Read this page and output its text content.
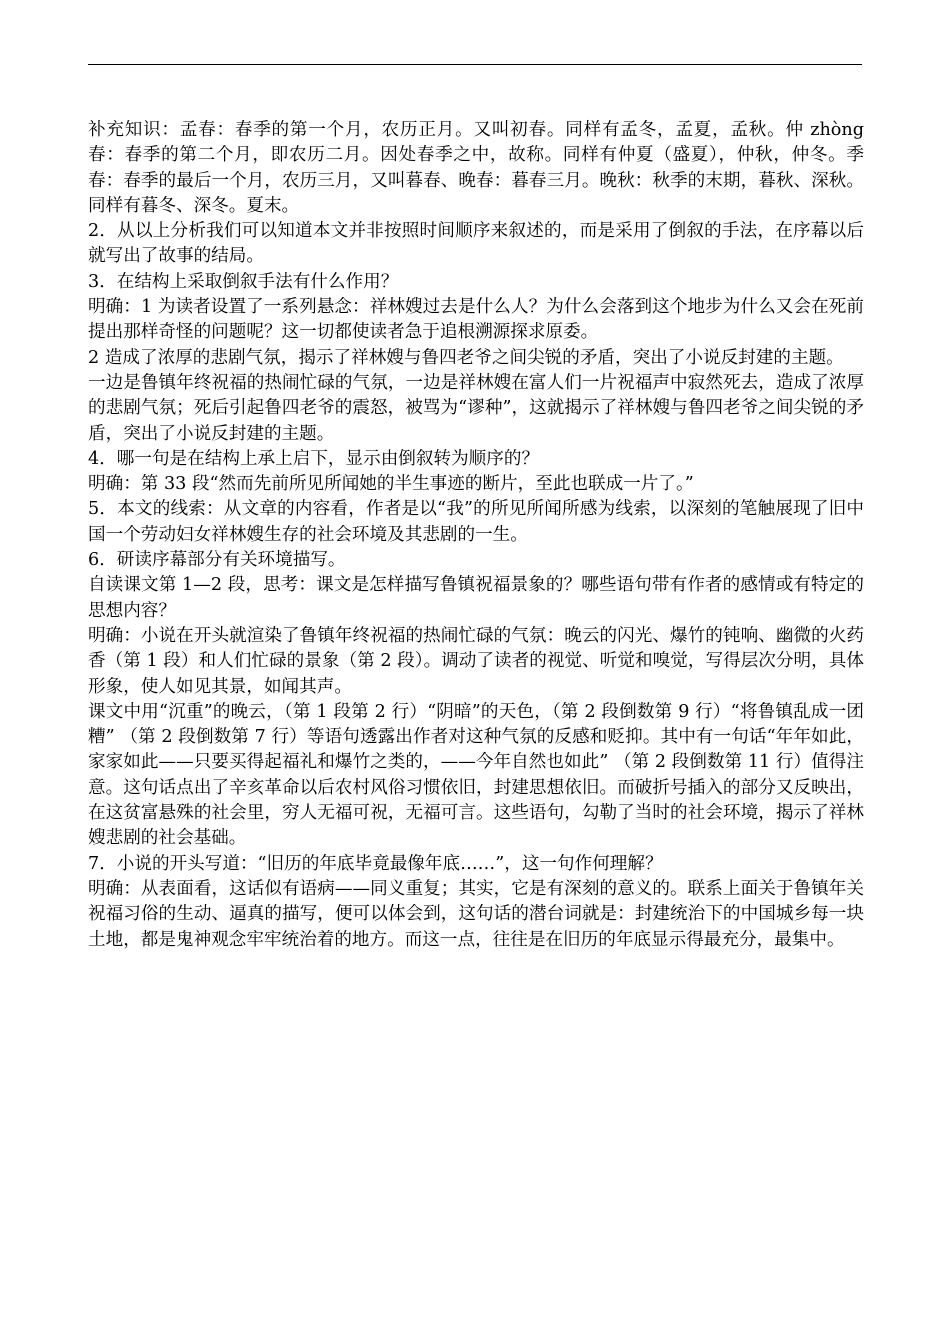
补充知识：孟春：春季的第一个月，农历正月。又叫初春。同样有孟冬，孟夏，孟秋。仲 zhòng 春：春季的第二个月，即农历二月。因处春季之中，故称。同样有仲夏（盛夏），仲秋，仲冬。季春：春季的最后一个月，农历三月，又叫暮春、晚春：暮春三月。晚秋：秋季的末期，暮秋、深秋。同样有暮冬、深冬。夏末。

2．从以上分析我们可以知道本文并非按照时间顺序来叙述的，而是采用了倒叙的手法，在序幕以后就写出了故事的结局。

3．在结构上采取倒叙手法有什么作用？

明确：1 为读者设置了一系列悬念：祥林嫂过去是什么人？为什么会落到这个地步为什么又会在死前提出那样奇怪的问题呢？这一切都使读者急于追根溯源探求原委。

2 造成了浓厚的悲剧气氛，揭示了祥林嫂与鲁四老爷之间尖锐的矛盾，突出了小说反封建的主题。

一边是鲁镇年终祝福的热闹忙碌的气氛，一边是祥林嫂在富人们一片祝福声中寂然死去，造成了浓厚的悲剧气氛；死后引起鲁四老爷的震怒，被骂为“谬种”，这就揭示了祥林嫂与鲁四老爷之间尖锐的矛盾，突出了小说反封建的主题。

4．哪一句是在结构上承上启下，显示由倒叙转为顺序的？

明确：第 33 段“然而先前所见所闻她的半生事迹的断片，至此也联成一片了。”

5．本文的线索：从文章的内容看，作者是以“我”的所见所闻所感为线索，以深刻的笔触展现了旧中国一个劳动妇女祥林嫂生存的社会环境及其悲剧的一生。

6．研读序幕部分有关环境描写。

自读课文第 1—2 段，思考：课文是怎样描写鲁镇祝福景象的？哪些语句带有作者的感情或有特定的思想内容？

明确：小说在开头就渲染了鲁镇年终祝福的热闹忙碌的气氛：晚云的闪光、爆竹的钝响、幽微的火药香（第 1 段）和人们忙碌的景象（第 2 段）。调动了读者的视觉、听觉和嗅觉，写得层次分明，具体形象，使人如见其景，如闻其声。

课文中用“沉重”的晚云，（第 1 段第 2 行）“阴暗”的天色，（第 2 段倒数第 9 行）“将鲁镇乱成一团糟” （第 2 段倒数第 7 行）等语句透露出作者对这种气氛的反感和贬抑。其中有一句话“年年如此，家家如此——只要买得起福礼和爆竹之类的，——今年自然也如此” （第 2 段倒数第 11 行）值得注意。这句话点出了辛亥革命以后农村风俗习惯依旧，封建思想依旧。而破折号插入的部分又反映出，在这贫富悬殊的社会里，穷人无福可祝，无福可言。这些语句，勾勒了当时的社会环境，揭示了祥林嫂悲剧的社会基础。

7．小说的开头写道：“旧历的年底毕竟最像年底……”，这一句作何理解？

明确：从表面看，这话似有语病——同义重复；其实，它是有深刻的意义的。联系上面关于鲁镇年关祝福习俗的生动、逼真的描写，便可以体会到，这句话的潜台词就是：封建统治下的中国城乡每一块土地，都是鬼神观念牢牢统治着的地方。而这一点，往往是在旧历的年底显示得最充分，最集中。
